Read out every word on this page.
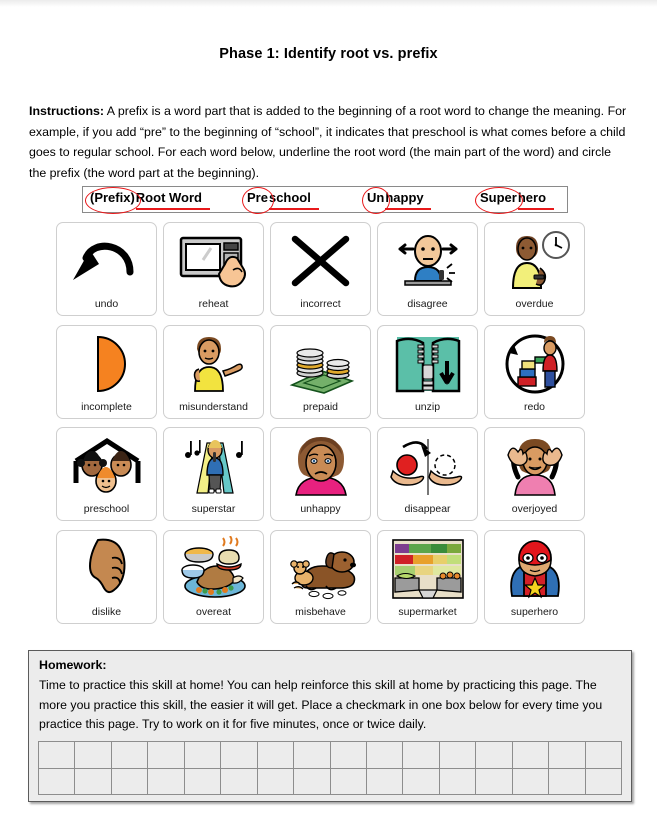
Phase 1: Identify root vs. prefix
Instructions: A prefix is a word part that is added to the beginning of a root word to change the meaning. For example, if you add “pre” to the beginning of “school”, it indicates that preschool is what comes before a child goes to regular school. For each word below, underline the root word (the main part of the word) and circle the prefix (the word part at the beginning).
(Prefix)Root Word	Preschool	Unhappy	Superhero
undo	reheat	incorrect	disagree	overdue
incomplete	misunderstand	prepaid	unzip	redo
preschool	superstar	unhappy	disappear	overjoyed
dislike	overeat	misbehave	supermarket	superhero
Homework:
Time to practice this skill at home! You can help reinforce this skill at home by practicing this page. The more you practice this skill, the easier it will get. Place a checkmark in one box below for every time you practice this page. Try to work on it for five minutes, once or twice daily.
